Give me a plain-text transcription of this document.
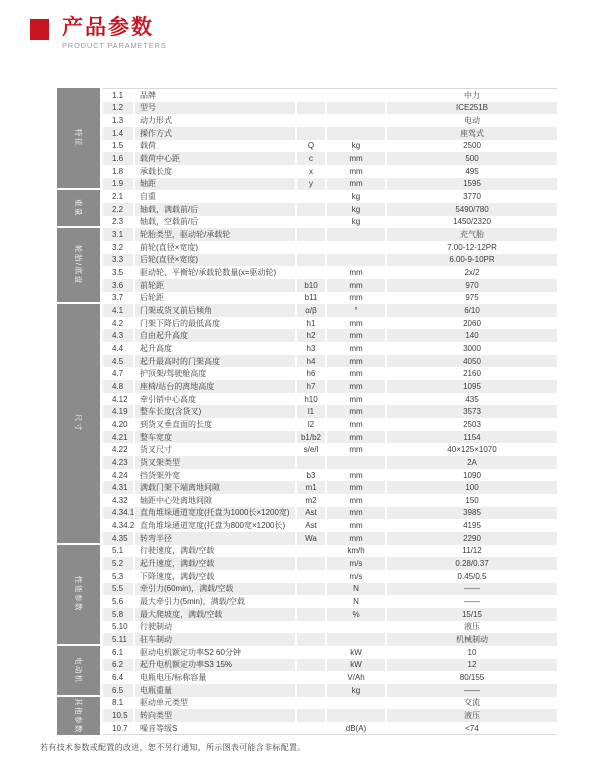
产品参数
PRODUCT PARAMETERS
特征
1.1	品牌	中力
1.2	型号	ICE251B
1.3	动力形式	电动
1.4	操作方式	座驾式
1.5	载荷	Q	kg	2500
1.6	载荷中心距	c	mm	500
1.8	承载长度	x	mm	495
1.9	轴距	y	mm	1595
重量
2.1	自重	kg	3770
2.2	轴载，满载前/后	kg	5490/780
2.3	轴载，空载前/后	kg	1450/2320
轮胎/底盘
3.1	轮胎类型，驱动轮/承载轮	充气胎
3.2	前轮(直径×宽度)	7.00-12-12PR
3.3	后轮(直径×宽度)	6.00-9-10PR
3.5	驱动轮、平衡轮/承载轮数量(x=驱动轮)	mm	2x/2
3.6	前轮距	b10	mm	970
3.7	后轮距	b11	mm	975
尺寸
4.1	门架或货叉前后倾角	α/β	°	6/10
4.2	门架下降后的最低高度	h1	mm	2060
4.3	自由起升高度	h2	mm	140
4.4	起升高度	h3	mm	3000
4.5	起升最高时的门架高度	h4	mm	4050
4.7	护顶架/驾驶舱高度	h6	mm	2160
4.8	座椅/站台的离地高度	h7	mm	1095
4.12	牵引销中心高度	h10	mm	435
4.19	整车长度(含货叉)	l1	mm	3573
4.20	到货叉垂直面的长度	l2	mm	2503
4.21	整车宽度	b1/b2	mm	1154
4.22	货叉尺寸	s/e/l	mm	40×125×1070
4.23	货叉架类型	2A
4.24	挡货架外宽	b3	mm	1090
4.31	满载门架下端离地间隙	m1	mm	100
4.32	轴距中心处离地间隙	m2	mm	150
4.34.1 直角堆垛通道宽度(托盘为1000长×1200宽)	Ast	mm	3985
4.34.2 直角堆垛通道宽度(托盘为800宽×1200长)	Ast	mm	4195
4.35	转弯半径	Wa	mm	2290
性能参数
5.1	行驶速度，满载/空载	km/h	11/12
5.2	起升速度，满载/空载	m/s	0.28/0.37
5.3	下降速度，满载/空载	m/s	0.45/0.5
5.5	牵引力(60min)，满载/空载	N	——
5.6	最大牵引力(5min)，满载/空载	N	——
5.8	最大爬坡度，满载/空载	%	15/15
5.10	行驶制动	液压
5.11	驻车制动	机械制动
电动机
6.1	驱动电机额定功率S2 60分钟	kW	10
6.2	起升电机额定功率S3 15%	kW	12
6.4	电瓶电压/标称容量	V/Ah	80/155
6.5	电瓶重量	kg	——
其他参数	8.1	驱动单元类型	交流
10.5	转向类型	液压
10.7	噪音等级S	dB(A)	<74
若有技术参数或配置的改进，恕不另行通知，所示图表可能含非标配置。
